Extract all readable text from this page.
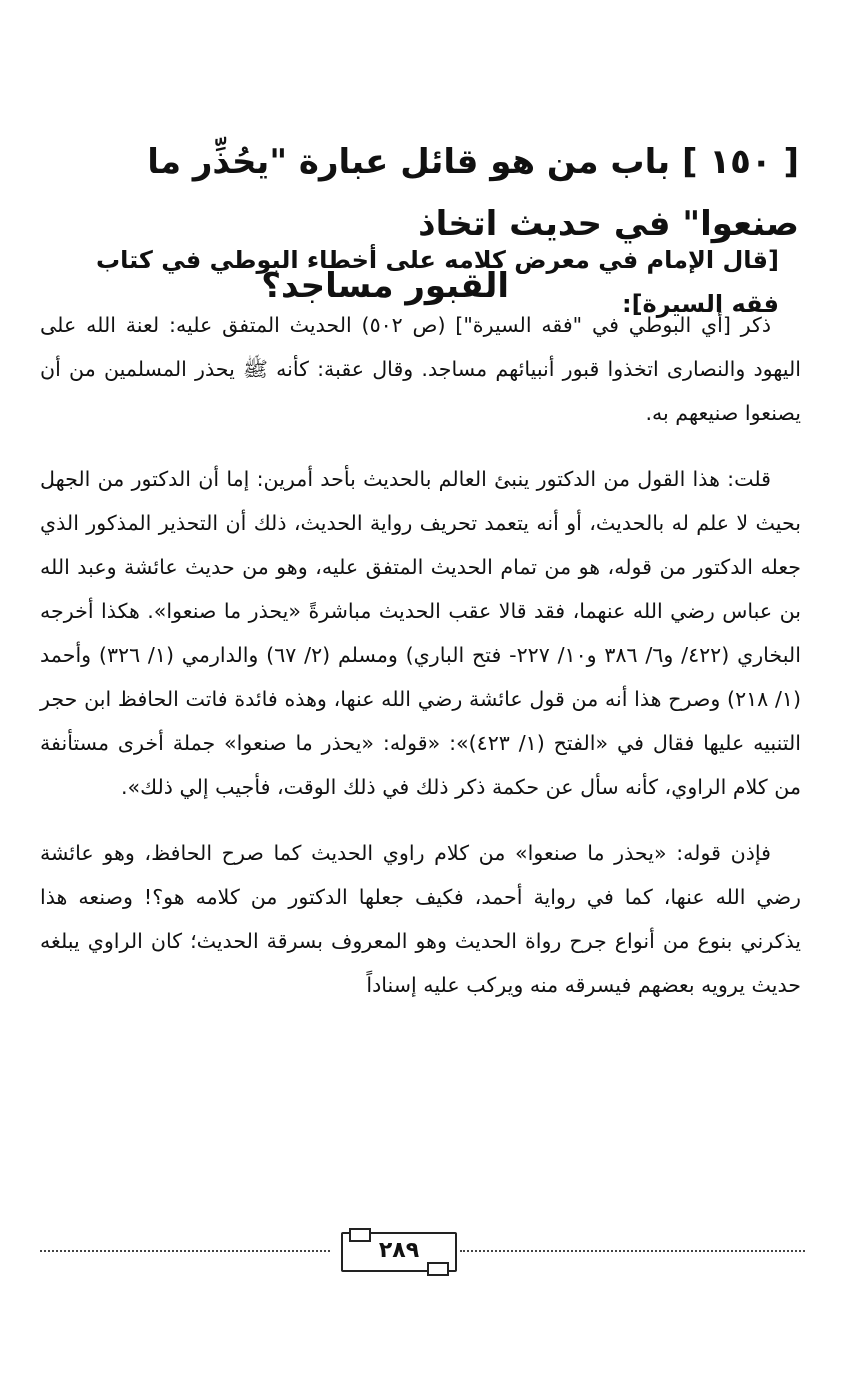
[ ١٥٠ ] باب من هو قائل عبارة "يحُذِّر ما صنعوا" في حديث اتخاذ
القبور مساجد؟
[قال الإمام في معرض كلامه على أخطاء البوطي في كتاب فقه السيرة]:

ذكر [أي البوطي في "فقه السيرة"] (ص ٥٠٢) الحديث المتفق عليه: لعنة الله على اليهود والنصارى اتخذوا قبور أنبيائهم مساجد. وقال عقبة: كأنه ﷺ يحذر المسلمين من أن يصنعوا صنيعهم به.

قلت: هذا القول من الدكتور ينبئ العالم بالحديث بأحد أمرين: إما أن الدكتور من الجهل بحيث لا علم له بالحديث، أو أنه يتعمد تحريف رواية الحديث، ذلك أن التحذير المذكور الذي جعله الدكتور من قوله، هو من تمام الحديث المتفق عليه، وهو من حديث عائشة وعبد الله بن عباس رضي الله عنهما، فقد قالا عقب الحديث مباشرةً «يحذر ما صنعوا». هكذا أخرجه البخاري (٤٢٢/ و٦/ ٣٨٦ و١٠/ ٢٢٧- فتح الباري) ومسلم (٢/ ٦٧) والدارمي (١/ ٣٢٦) وأحمد (١/ ٢١٨) وصرح هذا أنه من قول عائشة رضي الله عنها، وهذه فائدة فاتت الحافظ ابن حجر التنبيه عليها فقال في «الفتح (١/ ٤٢٣)»: «قوله: «يحذر ما صنعوا» جملة أخرى مستأنفة من كلام الراوي، كأنه سأل عن حكمة ذكر ذلك في ذلك الوقت، فأجيب إلي ذلك».

فإذن قوله: «يحذر ما صنعوا» من كلام راوي الحديث كما صرح الحافظ، وهو عائشة رضي الله عنها، كما في رواية أحمد، فكيف جعلها الدكتور من كلامه هو؟! وصنعه هذا يذكرني بنوع من أنواع جرح رواة الحديث وهو المعروف بسرقة الحديث؛ كان الراوي يبلغه حديث يرويه بعضهم فيسرقه منه ويركب عليه إسناداً

٢٨٩
